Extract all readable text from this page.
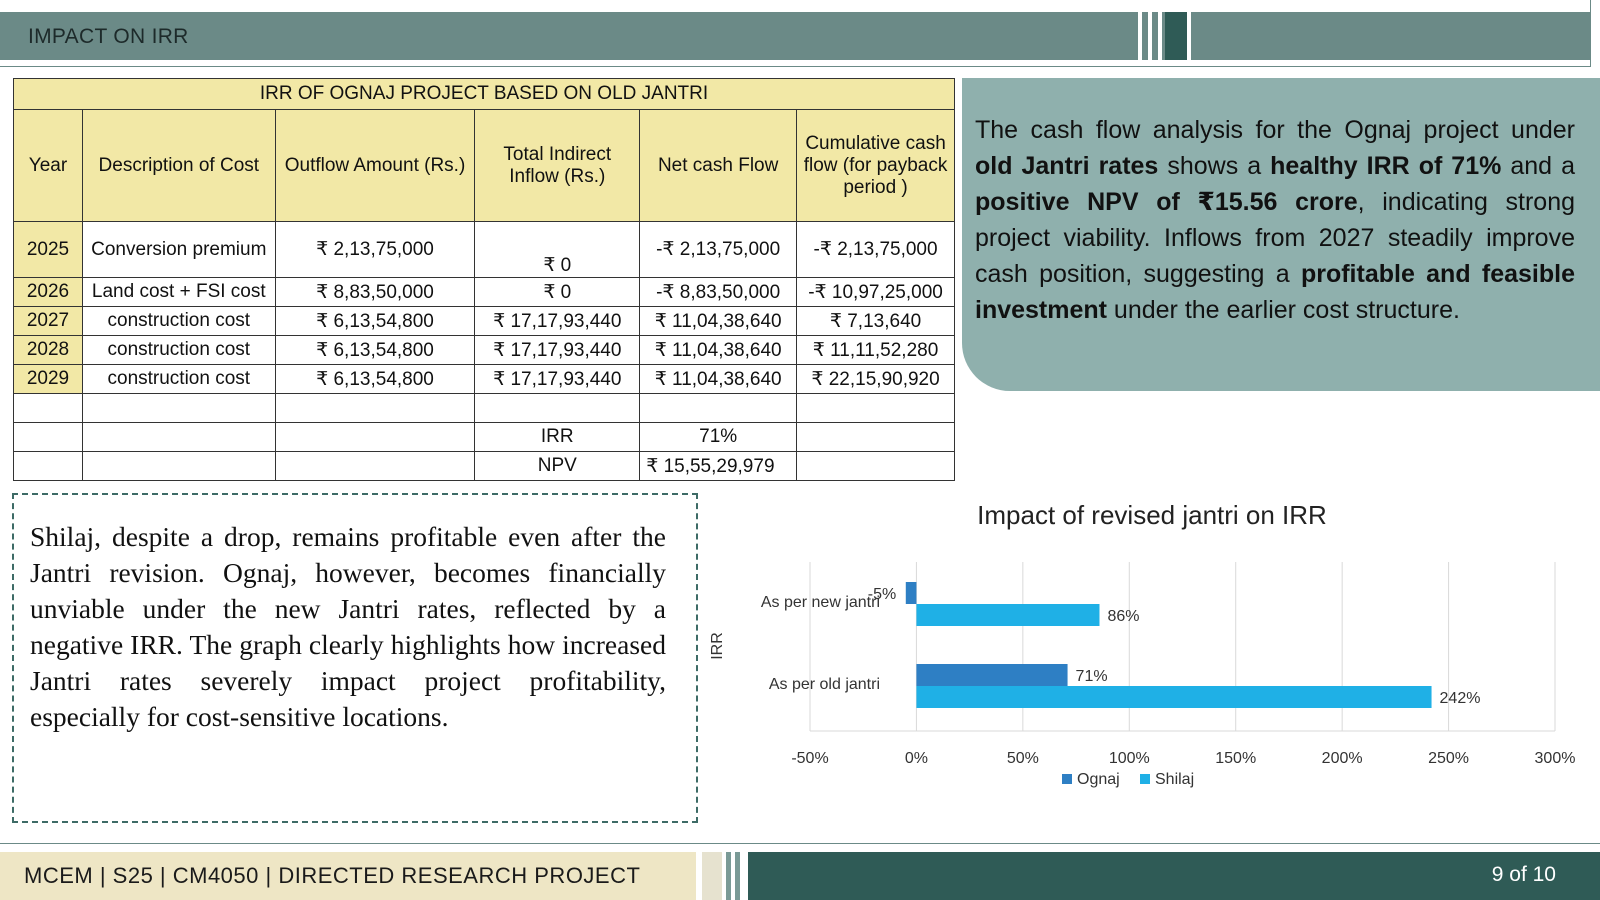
IMPACT ON IRR
IRR OF OGNAJ PROJECT BASED ON OLD JANTRI					
Year	Description of Cost	Outflow Amount (Rs.)	Total Indirect Inflow (Rs.)	Net cash Flow	Cumulative cash flow (for payback period )
2025	Conversion premium	₹ 2,13,75,000	₹ 0	-₹ 2,13,75,000	-₹ 2,13,75,000
2026	Land cost + FSI cost	₹ 8,83,50,000	₹ 0	-₹ 8,83,50,000	-₹ 10,97,25,000
2027	construction cost	₹ 6,13,54,800	₹ 17,17,93,440	₹ 11,04,38,640	₹ 7,13,640
2028	construction cost	₹ 6,13,54,800	₹ 17,17,93,440	₹ 11,04,38,640	₹ 11,11,52,280
2029	construction cost	₹ 6,13,54,800	₹ 17,17,93,440	₹ 11,04,38,640	₹ 22,15,90,920

			IRR	71%	
			NPV	₹ 15,55,29,979	
The cash flow analysis for the Ognaj project under old Jantri rates shows a healthy IRR of 71% and a positive NPV of ₹15.56 crore, indicating strong project viability. Inflows from 2027 steadily improve cash position, suggesting a profitable and feasible investment under the earlier cost structure.
Shilaj, despite a drop, remains profitable even after the Jantri revision. Ognaj, however, becomes financially unviable under the new Jantri rates, reflected by a negative IRR. The graph clearly highlights how increased Jantri rates severely impact project profitability, especially for cost-sensitive locations.
Impact of revised jantri on IRR
-50%	0%	50%	100%	150%	200%	250%	300%
IRR
-5%
86%
As per new jantri
71%
242%
As per old jantri
Ognaj Shilaj
MCEM | S25 | CM4050 | DIRECTED RESEARCH PROJECT	9 of 10
